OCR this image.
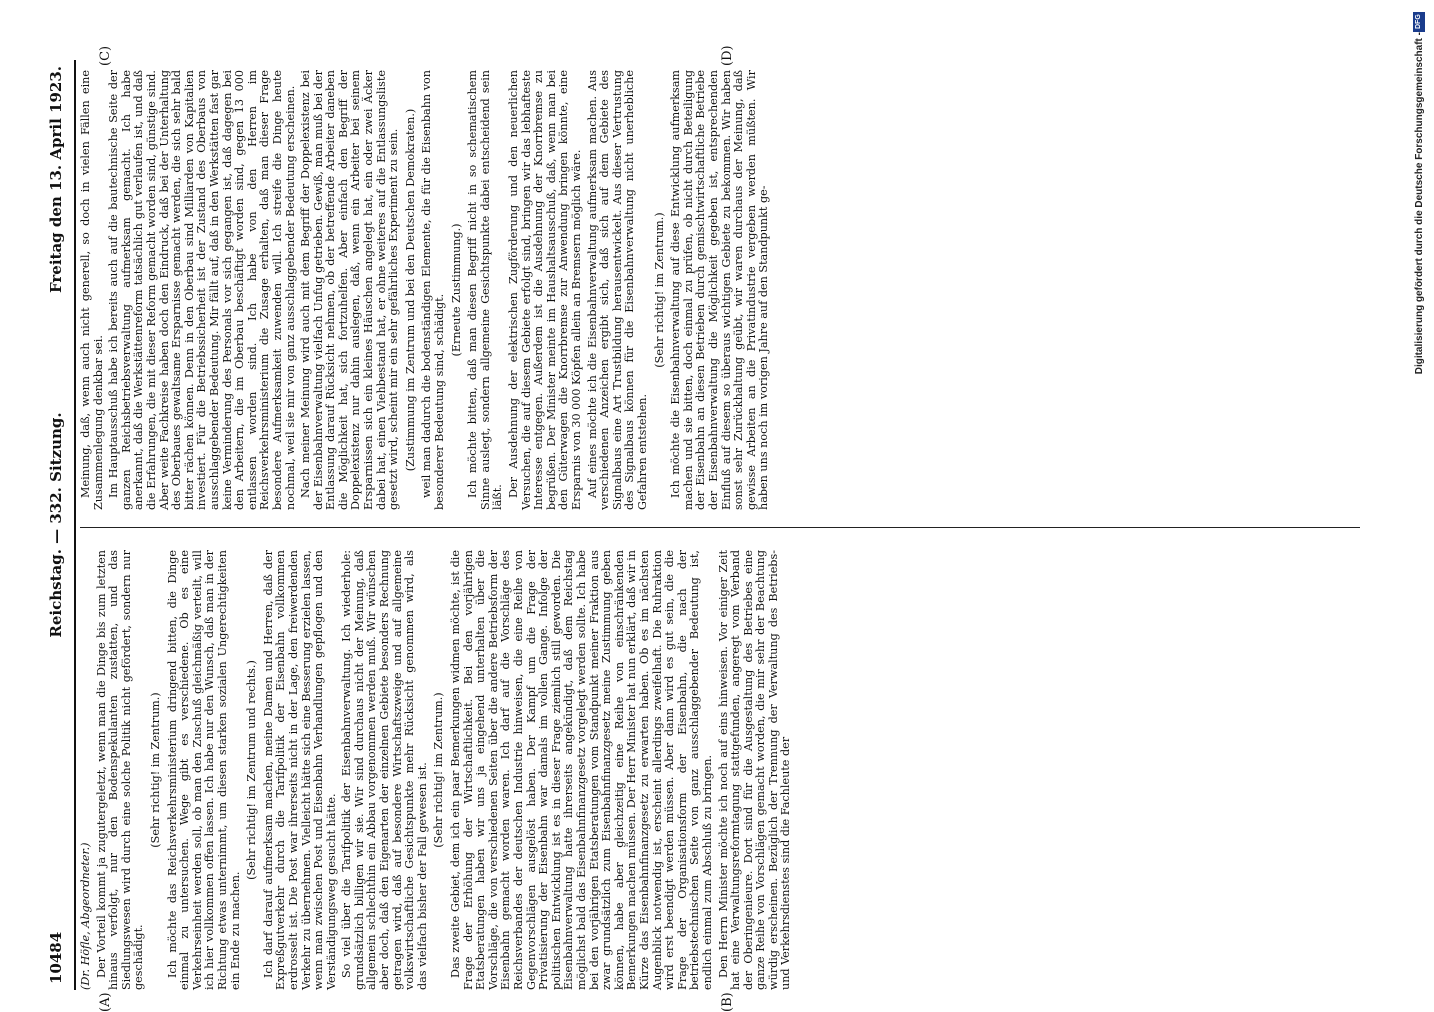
10484
Reichstag. — 332. Sitzung.
Freitag den 13. April 1923.
(A)	(B)
(C)	(D)

(Dr. Höfle, Abgeordneter.) Der Vorteil kommt ja zugutergeletzt, wenn man die Dinge bis zum letzten hinaus verfolgt, nur den Bodenspekulanten zustatten, und das Siedlungswesen wird durch eine solche Politik nicht gefördert, sondern nur geschädigt.

(Sehr richtig! im Zentrum.) Ich möchte das Reichsverkehrsministerium dringend bitten, die Dinge einmal zu untersuchen. Wege gibt es verschiedene. Ob es eine Verkehrseinheit werden soll, ob man den Zuschuß gleichmäßig verteilt, will ich hier vollkommen offen lassen. Ich habe nur den Wunsch, daß man in der Richtung etwas unternimmt, um diesen starken sozialen Ungerechtigkeiten ein Ende zu machen.

(Sehr richtig! im Zentrum und rechts.) Ich darf darauf aufmerksam machen, meine Damen und Herren, daß der Expreßgutverkehr durch die Tarifpolitik der Eisenbahn vollkommen erdrosselt ist. Die Post war ihrerseits nicht in der Lage, den freiwerdenden Verkehr zu übernehmen. Vielleicht hätte sich eine Besserung erzielen lassen, wenn man zwischen Post und Eisenbahn Verhandlungen gepflogen und den Verständigungsweg gesucht hätte. So viel über die Tarifpolitik der Eisenbahnverwaltung. Ich wiederhole: grundsätzlich billigen wir sie. Wir sind durchaus nicht der Meinung, daß allgemein schlechthin ein Abbau vorgenommen werden muß. Wir wünschen aber doch, daß den Eigenarten der einzelnen Gebiete besonders Rechnung getragen wird, daß auf besondere Wirtschaftszweige und auf allgemeine volkswirtschaftliche Gesichtspunkte mehr Rücksicht genommen wird, als das vielfach bisher der Fall gewesen ist. (Sehr richtig! im Zentrum.) Das zweite Gebiet, dem ich ein paar Bemerkungen widmen möchte, ist die Frage der Erhöhung der Wirtschaftlichkeit. Bei den vorjährigen Etatsberatungen haben wir uns ja eingehend unterhalten über die Vorschläge, die von verschiedenen Seiten über die andere Betriebsform der Eisenbahn gemacht worden waren. Ich darf auf die Vorschläge des Reichsverbandes der deutschen Industrie hinweisen, die eine Reihe von Gegenvorschlägen ausgelöst haben. Der Kampf um die Frage der Privatisierung der Eisenbahn war damals im vollen Gange. Infolge der politischen Entwicklung ist es in dieser Frage ziemlich still geworden. Die Eisenbahnverwaltung hatte ihrerseits angekündigt, daß dem Reichstag möglichst bald das Eisenbahnfinanzgesetz vorgelegt werden sollte. Ich habe bei den vorjährigen Etatsberatungen vom Standpunkt meiner Fraktion aus zwar grundsätzlich zum Eisenbahnfinanzgesetz meine Zustimmung geben können, habe aber gleichzeitig eine Reihe von einschränkenden Bemerkungen machen müssen. Der Herr Minister hat nun erklärt, daß wir in Kürze das Eisenbahnfinanzgesetz zu erwarten haben. Ob es im nächsten Augenblick notwendig ist, erscheint allerdings zweifelhaft. Die Ruhraktion wird erst beendigt werden müssen. Aber dann wird es gut sein, die die Frage der Organisationsform der Eisenbahn, die nach der betriebstechnischen Seite von ganz ausschlaggebender Bedeutung ist, endlich einmal zum Abschluß zu bringen. Den Herrn Minister möchte ich noch auf eins hinweisen. Vor einiger Zeit hat eine Verwaltungsreformtagung stattgefunden, angeregt vom Verband der Oberingenieure. Dort sind für die Ausgestaltung des Betriebes eine ganze Reihe von Vorschlägen gemacht worden, die mir sehr der Beachtung würdig erscheinen. Bezüglich der Trennung der Verwaltung des Betriebs- und Verkehrsdienstes sind die Fachleute der

Meinung, daß, wenn auch nicht generell, so doch in vielen Fällen eine Zusammenlegung denkbar sei. Im Hauptausschuß habe ich bereits auch auf die bautechnische Seite der ganzen Reichsbetriebsverwaltung aufmerksam gemacht. Ich habe anerkannt, daß die Werkstättenreform tatsächlich gut verlaufen ist, und daß die Erfahrungen, die mit dieser Reform gemacht worden sind, günstige sind. Aber weite Fachkreise haben doch den Eindruck, daß bei der Unterhaltung des Oberbaues gewaltsame Ersparnisse gemacht werden, die sich sehr bald bitter rächen können. Denn in den Oberbau sind Milliarden von Kapitalien investiert. Für die Betriebssicherheit ist der Zustand des Oberbaus von ausschlaggebender Bedeutung. Mir fällt auf, daß in den Werkstätten fast gar keine Verminderung des Personals vor sich gegangen ist, daß dagegen bei den Arbeitern, die im Oberbau beschäftigt worden sind, gegen 13 000 entlassen worden sind. Ich habe von den Herren im Reichsverkehrsministerium die Zusage erhalten, daß man dieser Frage besondere Aufmerksamkeit zuwenden will. Ich streife die Dinge heute nochmal, weil sie mir von ganz ausschlaggebender Bedeutung erscheinen. Nach meiner Meinung wird auch mit dem Begriff der Doppelexistenz bei der Eisenbahnverwaltung vielfach Unfug getrieben. Gewiß, man muß bei der Entlassung darauf Rücksicht nehmen, ob der betreffende Arbeiter daneben die Möglichkeit hat, sich fortzuhelfen. Aber einfach den Begriff der Doppelexistenz nur dahin auslegen, daß, wenn ein Arbeiter bei seinem Ersparnissen sich ein kleines Häuschen angelegt hat, ein oder zwei Äcker dabei hat, einen Viehbestand hat, er ohne weiteres auf die Entlassungsliste gesetzt wird, scheint mir ein sehr gefährliches Experiment zu sein. (Zustimmung im Zentrum und bei den Deutschen Demokraten.) weil man dadurch die bodenständigen Elemente, die für die Eisenbahn von besonderer Bedeutung sind, schädigt.

(Erneute Zustimmung.) Ich möchte bitten, daß man diesen Begriff nicht in so schematischem Sinne auslegt, sondern allgemeine Gesichtspunkte dabei entscheidend sein läßt. Der Ausdehnung der elektrischen Zugförderung und den neuerlichen Versuchen, die auf diesem Gebiete erfolgt sind, bringen wir das lebhafteste Interesse entgegen. Außerdem ist die Ausdehnung der Knorrbremse zu begrüßen. Der Minister meinte im Haushaltsausschuß, daß, wenn man bei den Güterwagen die Knorrbremse zur Anwendung bringen könnte, eine Ersparnis von 30 000 Köpfen allein an Bremsern möglich wäre. Auf eines möchte ich die Eisenbahnverwaltung aufmerksam machen. Aus verschiedenen Anzeichen ergibt sich, daß sich auf dem Gebiete des Signalbaus eine Art Trustbildung herausentwickelt. Aus dieser Vertrustung des Signalbaus können für die Eisenbahnverwaltung nicht unerhebliche Gefahren entstehen.

(Sehr richtig! im Zentrum.) Ich möchte die Eisenbahnverwaltung auf diese Entwicklung aufmerksam machen und sie bitten, doch einmal zu prüfen, ob nicht durch Beteiligung der Eisenbahn an diesen Betrieben durch gemischtwirtschaftliche Betriebe der Eisenbahnverwaltung die Möglichkeit gegeben ist, entsprechenden Einfluß auf diesem so überaus wichtigen Gebiete zu bekommen. Wir haben sonst sehr Zurückhaltung geübt, wir waren durchaus der Meinung, daß gewisse Arbeiten an die Privatindustrie vergeben werden müßten. Wir haben uns noch im vorigen Jahre auf den Standpunkt ge-

DFG
Digitalisierung gefördert durch die Deutsche Forschungsgemeinschaft -
